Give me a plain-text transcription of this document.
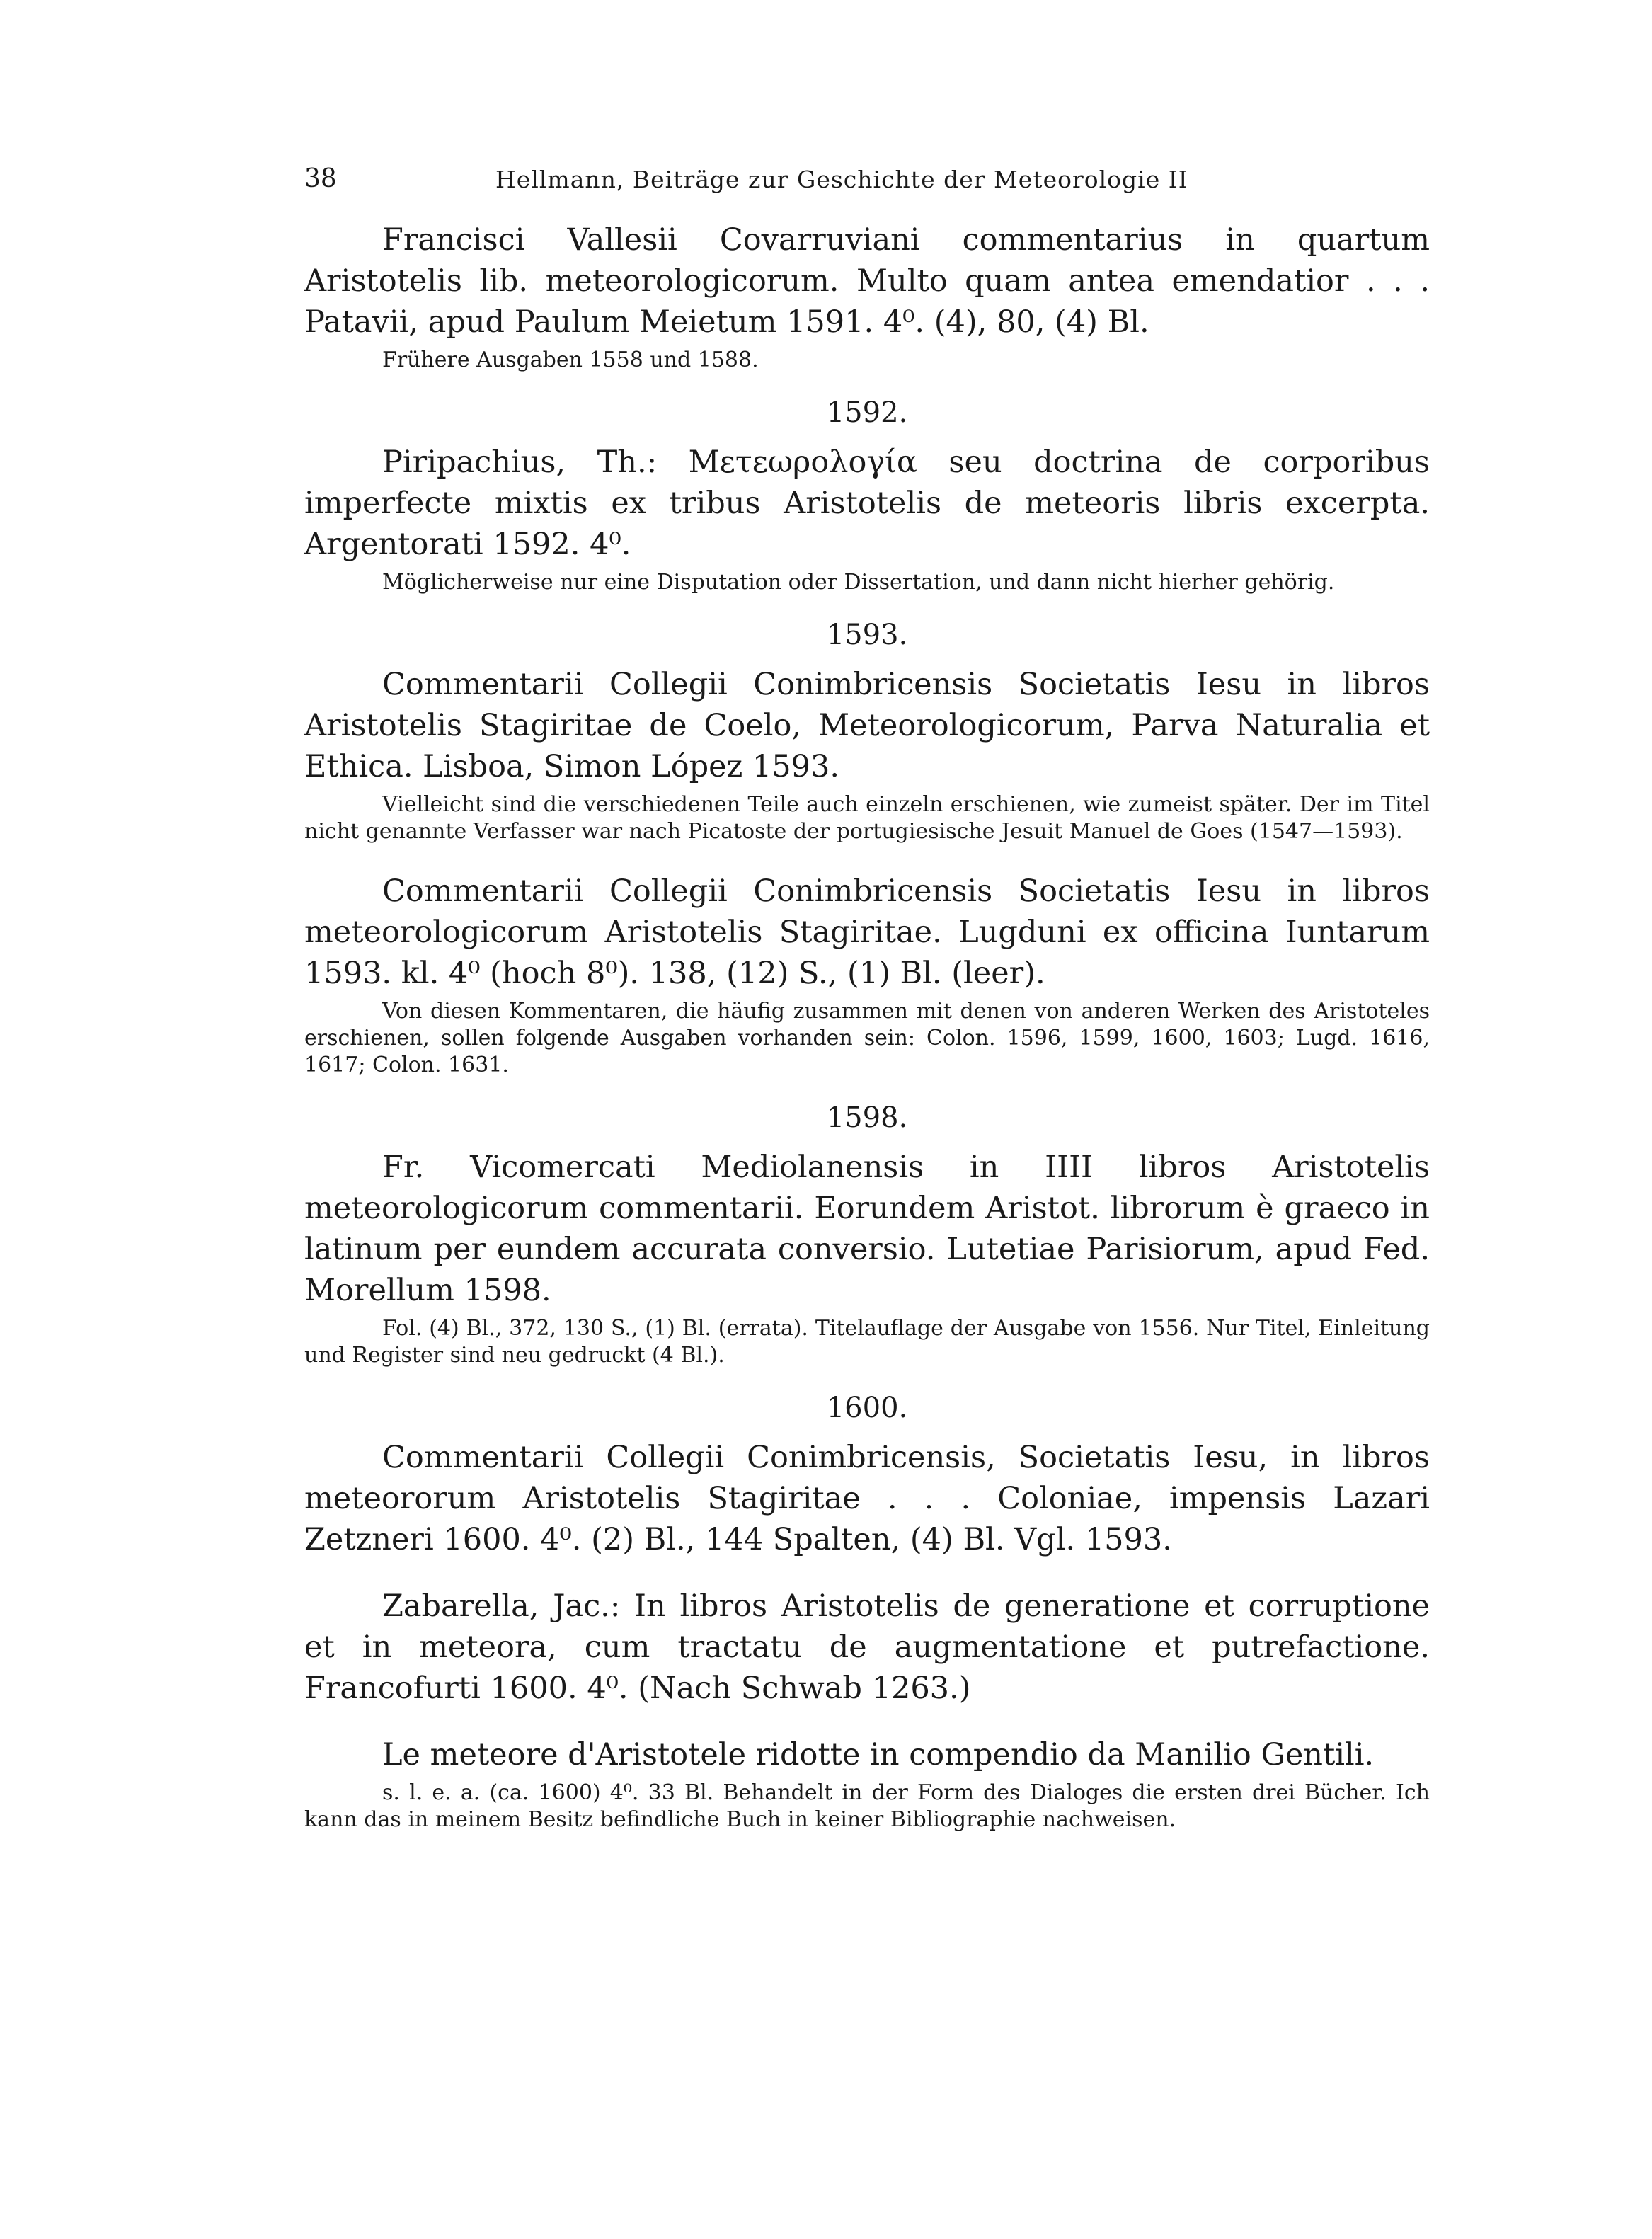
38	Hellmann, Beiträge zur Geschichte der Meteorologie II

Francisci Vallesii Covarruviani commentarius in quartum Aristotelis lib. meteorologicorum. Multo quam antea emendatior . . . Patavii, apud Paulum Meietum 1591. 4⁰. (4), 80, (4) Bl.

Frühere Ausgaben 1558 und 1588.

1592.

Piripachius, Th.: Μετεωρολογία seu doctrina de corporibus imperfecte mixtis ex tribus Aristotelis de meteoris libris excerpta. Argentorati 1592. 4⁰.

Möglicherweise nur eine Disputation oder Dissertation, und dann nicht hierher gehörig.

1593.

Commentarii Collegii Conimbricensis Societatis Iesu in libros Aristotelis Stagiritae de Coelo, Meteorologicorum, Parva Naturalia et Ethica. Lisboa, Simon López 1593.

Vielleicht sind die verschiedenen Teile auch einzeln erschienen, wie zumeist später. Der im Titel nicht genannte Verfasser war nach Picatoste der portugiesische Jesuit Manuel de Goes (1547—1593).

Commentarii Collegii Conimbricensis Societatis Iesu in libros meteorologicorum Aristotelis Stagiritae. Lugduni ex officina Iuntarum 1593. kl. 4⁰ (hoch 8⁰). 138, (12) S., (1) Bl. (leer).

Von diesen Kommentaren, die häufig zusammen mit denen von anderen Werken des Aristoteles erschienen, sollen folgende Ausgaben vorhanden sein: Colon. 1596, 1599, 1600, 1603; Lugd. 1616, 1617; Colon. 1631.

1598.

Fr. Vicomercati Mediolanensis in IIII libros Aristotelis meteorologicorum commentarii. Eorundem Aristot. librorum è graeco in latinum per eundem accurata conversio. Lutetiae Parisiorum, apud Fed. Morellum 1598.

Fol. (4) Bl., 372, 130 S., (1) Bl. (errata). Titelauflage der Ausgabe von 1556. Nur Titel, Einleitung und Register sind neu gedruckt (4 Bl.).

1600.

Commentarii Collegii Conimbricensis, Societatis Iesu, in libros meteororum Aristotelis Stagiritae . . . Coloniae, impensis Lazari Zetzneri 1600. 4⁰. (2) Bl., 144 Spalten, (4) Bl. Vgl. 1593.

Zabarella, Jac.: In libros Aristotelis de generatione et corruptione et in meteora, cum tractatu de augmentatione et putrefactione. Francofurti 1600. 4⁰. (Nach Schwab 1263.)

Le meteore d'Aristotele ridotte in compendio da Manilio Gentili.

s. l. e. a. (ca. 1600) 4⁰. 33 Bl. Behandelt in der Form des Dialoges die ersten drei Bücher. Ich kann das in meinem Besitz befindliche Buch in keiner Bibliographie nachweisen.
